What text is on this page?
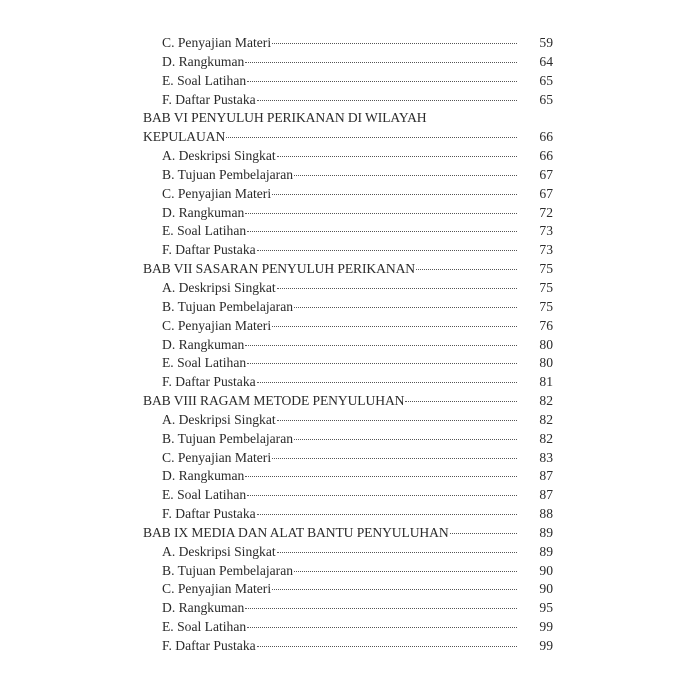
C. Penyajian Materi	59
D. Rangkuman	64
E. Soal Latihan	65
F. Daftar Pustaka	65
BAB VI PENYULUH PERIKANAN DI WILAYAH
KEPULAUAN	66
A. Deskripsi Singkat	66
B. Tujuan Pembelajaran	67
C. Penyajian Materi	67
D. Rangkuman	72
E. Soal Latihan	73
F. Daftar Pustaka	73
BAB VII SASARAN PENYULUH PERIKANAN	75
A. Deskripsi Singkat	75
B. Tujuan Pembelajaran	75
C. Penyajian Materi	76
D. Rangkuman	80
E. Soal Latihan	80
F. Daftar Pustaka	81
BAB VIII RAGAM METODE PENYULUHAN	82
A. Deskripsi Singkat	82
B. Tujuan Pembelajaran	82
C. Penyajian Materi	83
D. Rangkuman	87
E. Soal Latihan	87
F. Daftar Pustaka	88
BAB IX MEDIA DAN ALAT BANTU PENYULUHAN	89
A. Deskripsi Singkat	89
B. Tujuan Pembelajaran	90
C. Penyajian Materi	90
D. Rangkuman	95
E. Soal Latihan	99
F. Daftar Pustaka	99
